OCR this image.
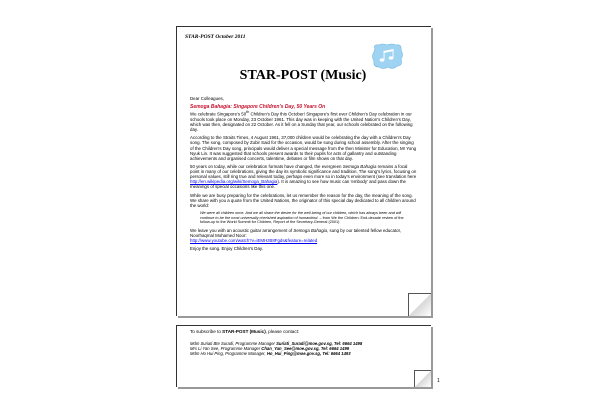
STAR-POST October 2011
STAR-POST (Music)

Dear Colleagues,

Semoga Bahagia: Singapore Children's Day, 50 Years On

We celebrate Singapore's 50th Children's Day this October! Singapore's first ever Children's Day celebration in our schools took place on Monday, 23 October 1961. This day was in keeping with the United Nation's Children's Day, which was then, designated on 22 October. As it fell on a Sunday that year, our schools celebrated on the following day.

According to the Straits Times, 4 August 1961, 37,000 children would be celebrating the day with a Children's Day song. The song, composed by Zubir Said for the occasion, would be sung during school assembly. After the singing of the Children's Day song, principals would deliver a special message from the then Minister for Education, Mr Yong Nyuk Lin. It was suggested that schools present awards to their pupils for acts of gallantry and outstanding achievements and organised concerts, talentime, debates or film shows on that day.

50 years on today, while our celebration formats have changed, the evergreen Semoga Bahagia remains a focal point in many of our celebrations, giving the day its symbolic significance and tradition. The song's lyrics, focusing on personal values, still ring true and relevant today, perhaps even more so in today's environment (see translation here http://en.wikipedia.org/wiki/Semoga_Bahagia). It is amazing to see how music can 'embody' and pass down the meanings of special occasions like this one.

While we are busy preparing for the celebrations, let us remember the reason for the day, the meaning of the song. We share with you a quote from the United Nations, the originator of this special day dedicated to all children around the world:

We were all children once. And we all share the desire for the well-being of our children, which has always been and will continue to be the most universally cherished aspiration of humankind. – from We the Children: End-decade review of the follow-up to the World Summit for Children, Report of the Secretary-General (2001)

We leave you with an acoustic guitar arrangement of Semoga Bahagia, sung by our talented fellow educator, Noorhaqmal Mohamed Noor:
http://www.youtube.com/watch?v=iEMHzB8Fgds&feature=related

Enjoy the song. Enjoy Children's Day.

To subscribe to STAR-POST (Music), please contact:
Mdm Suriati Bte Suradi, Programme Manager Suriati_Suradi@moe.gov.sg, Tel: 6664 1498
Mrs Li Yan See, Programme Manager Chan_Yan_See@moe.gov.sg, Tel: 6664 1499
Mdm Ho Hui Ping, Programme Manager, Ho_Hui_Ping@moe.gov.sg, Tel: 6664 1493
1
